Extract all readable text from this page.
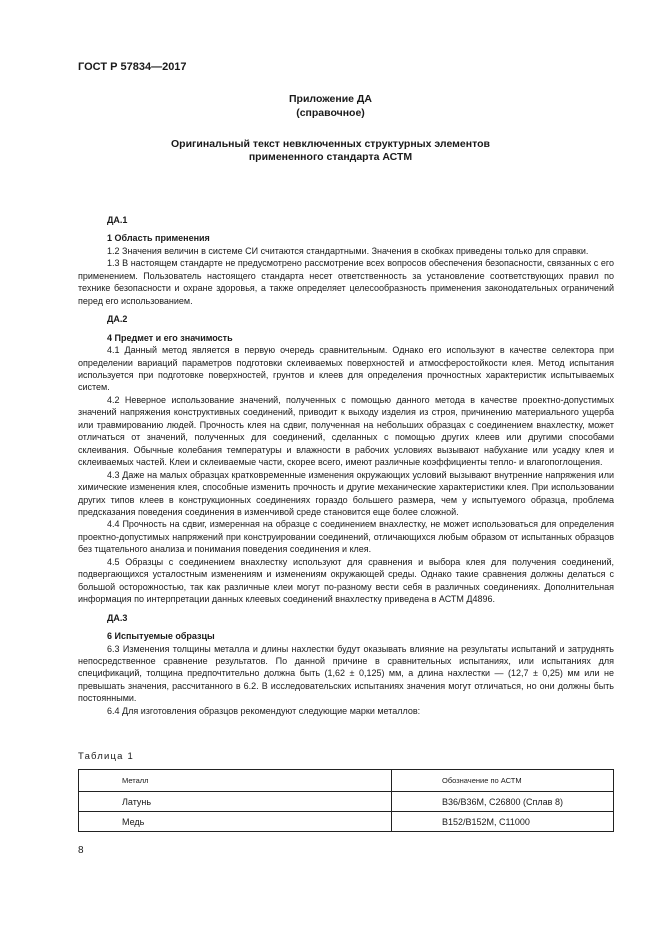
ГОСТ Р 57834—2017
Приложение ДА
(справочное)
Оригинальный текст невключенных структурных элементов
примененного стандарта АСТМ

ДА.1

1 Область применения

1.2 Значения величин в системе СИ считаются стандартными. Значения в скобках приведены только для справки.

1.3 В настоящем стандарте не предусмотрено рассмотрение всех вопросов обеспечения безопасности, связанных с его применением. Пользователь настоящего стандарта несет ответственность за установление соответствующих правил по технике безопасности и охране здоровья, а также определяет целесообразность применения законодательных ограничений перед его использованием.

ДА.2

4 Предмет и его значимость

4.1 Данный метод является в первую очередь сравнительным. Однако его используют в качестве селектора при определении вариаций параметров подготовки склеиваемых поверхностей и атмосферостойкости клея. Метод испытания используется при подготовке поверхностей, грунтов и клеев для определения прочностных характеристик испытываемых систем.

4.2 Неверное использование значений, полученных с помощью данного метода в качестве проектно-допустимых значений напряжения конструктивных соединений, приводит к выходу изделия из строя, причинению материального ущерба или травмированию людей. Прочность клея на сдвиг, полученная на небольших образцах с соединением внахлестку, может отличаться от значений, полученных для соединений, сделанных с помощью других клеев или другими способами склеивания. Обычные колебания температуры и влажности в рабочих условиях вызывают набухание или усадку клея и склеиваемых частей. Клеи и склеиваемые части, скорее всего, имеют различные коэффициенты тепло- и влагопоглощения.

4.3 Даже на малых образцах кратковременные изменения окружающих условий вызывают внутренние напряжения или химические изменения клея, способные изменить прочность и другие механические характеристики клея. При использовании других типов клеев в конструкционных соединениях гораздо большего размера, чем у испытуемого образца, проблема предсказания поведения соединения в изменчивой среде становится еще более сложной.

4.4 Прочность на сдвиг, измеренная на образце с соединением внахлестку, не может использоваться для определения проектно-допустимых напряжений при конструировании соединений, отличающихся любым образом от испытанных образцов без тщательного анализа и понимания поведения соединения и клея.

4.5 Образцы с соединением внахлестку используют для сравнения и выбора клея для получения соединений, подвергающихся усталостным изменениям и изменениям окружающей среды. Однако такие сравнения должны делаться с большой осторожностью, так как различные клеи могут по-разному вести себя в различных соединениях. Дополнительная информация по интерпретации данных клеевых соединений внахлестку приведена в АСТМ Д4896.

ДА.3

6 Испытуемые образцы

6.3 Изменения толщины металла и длины нахлестки будут оказывать влияние на результаты испытаний и затруднять непосредственное сравнение результатов. По данной причине в сравнительных испытаниях, или испытаниях для спецификаций, толщина предпочтительно должна быть (1,62 ± 0,125) мм, а длина нахлестки — (12,7 ± 0,25) мм или не превышать значения, рассчитанного в 6.2. В исследовательских испытаниях значения могут отличаться, но они должны быть постоянными.

6.4 Для изготовления образцов рекомендуют следующие марки металлов:

Таблица 1
Металл	Обозначение по АСТМ
Латунь	B36/B36M, C26800 (Сплав 8)
Медь	B152/B152M, C11000
8
